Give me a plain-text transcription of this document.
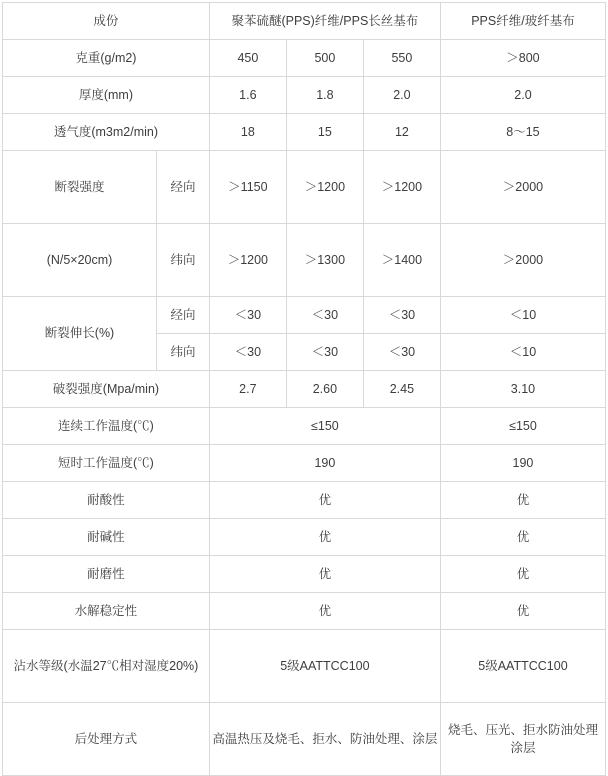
成份		聚苯硫醚(PPS)纤维/PPS长丝基布			PPS纤维/玻纤基布
克重(g/m2)		450	500	550	＞800
厚度(mm)		1.6	1.8	2.0	2.0
透气度(m3m2/min)		18	15	12	8～15
断裂强度	经向	＞1150	＞1200	＞1200	＞2000
(N/5×20cm)	纬向	＞1200	＞1300	＞1400	＞2000
断裂伸长(%)	经向	＜30	＜30	＜30	＜10
	纬向	＜30	＜30	＜30	＜10
破裂强度(Mpa/min)		2.7	2.60	2.45	3.10
连续工作温度(℃)		≤150			≤150
短时工作温度(℃)		190			190
耐酸性		优			优
耐碱性		优			优
耐磨性		优			优
水解稳定性		优			优
沾水等级(水温27℃相对湿度20%)		5级AATTCC100			5级AATTCC100
后处理方式		高温热压及烧毛、拒水、防油处理、涂层			烧毛、压光、拒水防油处理涂层
